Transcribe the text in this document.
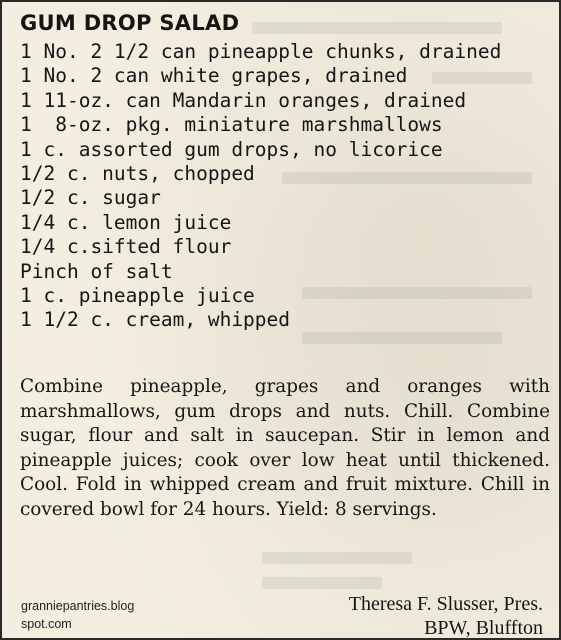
GUM DROP SALAD
1 No. 2 1/2 can pineapple chunks, drained
1 No. 2 can white grapes, drained
1 11-oz. can Mandarin oranges, drained
1  8-oz. pkg. miniature marshmallows
1 c. assorted gum drops, no licorice
1/2 c. nuts, chopped
1/2 c. sugar
1/4 c. lemon juice
1/4 c.sifted flour
Pinch of salt
1 c. pineapple juice
1 1/2 c. cream, whipped

Combine pineapple, grapes and oranges with marshmallows, gum drops and nuts. Chill. Combine sugar, flour and salt in saucepan. Stir in lemon and pineapple juices; cook over low heat until thickened. Cool. Fold in whipped cream and fruit mixture. Chill in covered bowl for 24 hours. Yield: 8 servings.

granniepantries.blog
spot.com
Theresa F. Slusser, Pres.
BPW, Bluffton
